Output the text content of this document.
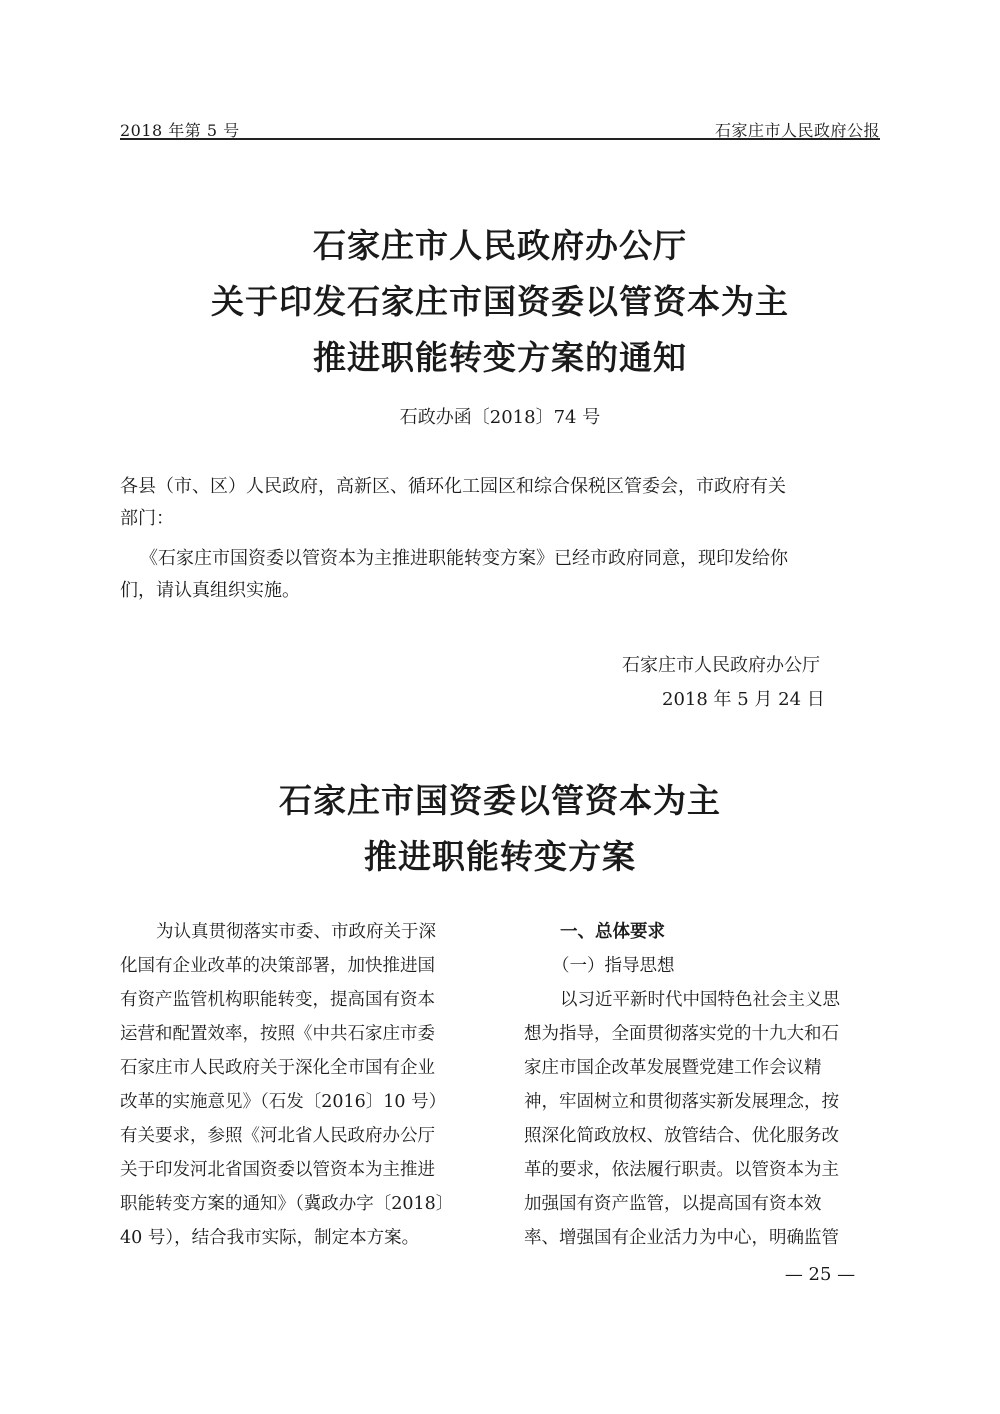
2018 年第 5 号	石家庄市人民政府公报
石家庄市人民政府办公厅
关于印发石家庄市国资委以管资本为主
推进职能转变方案的通知
石政办函〔2018〕74 号
各县（市、区）人民政府，高新区、循环化工园区和综合保税区管委会，市政府有关
部门：
《石家庄市国资委以管资本为主推进职能转变方案》已经市政府同意，现印发给你
们，请认真组织实施。
石家庄市人民政府办公厅
2018 年 5 月 24 日
石家庄市国资委以管资本为主
推进职能转变方案
为认真贯彻落实市委、市政府关于深
化国有企业改革的决策部署，加快推进国
有资产监管机构职能转变，提高国有资本
运营和配置效率，按照《中共石家庄市委
石家庄市人民政府关于深化全市国有企业
改革的实施意见》（石发〔2016〕10 号）
有关要求，参照《河北省人民政府办公厅
关于印发河北省国资委以管资本为主推进
职能转变方案的通知》（冀政办字〔2018〕
40 号），结合我市实际，制定本方案。
一、总体要求
（一）指导思想
以习近平新时代中国特色社会主义思
想为指导，全面贯彻落实党的十九大和石
家庄市国企改革发展暨党建工作会议精
神，牢固树立和贯彻落实新发展理念，按
照深化简政放权、放管结合、优化服务改
革的要求，依法履行职责。以管资本为主
加强国有资产监管，以提高国有资本效
率、增强国有企业活力为中心，明确监管
— 25 —
